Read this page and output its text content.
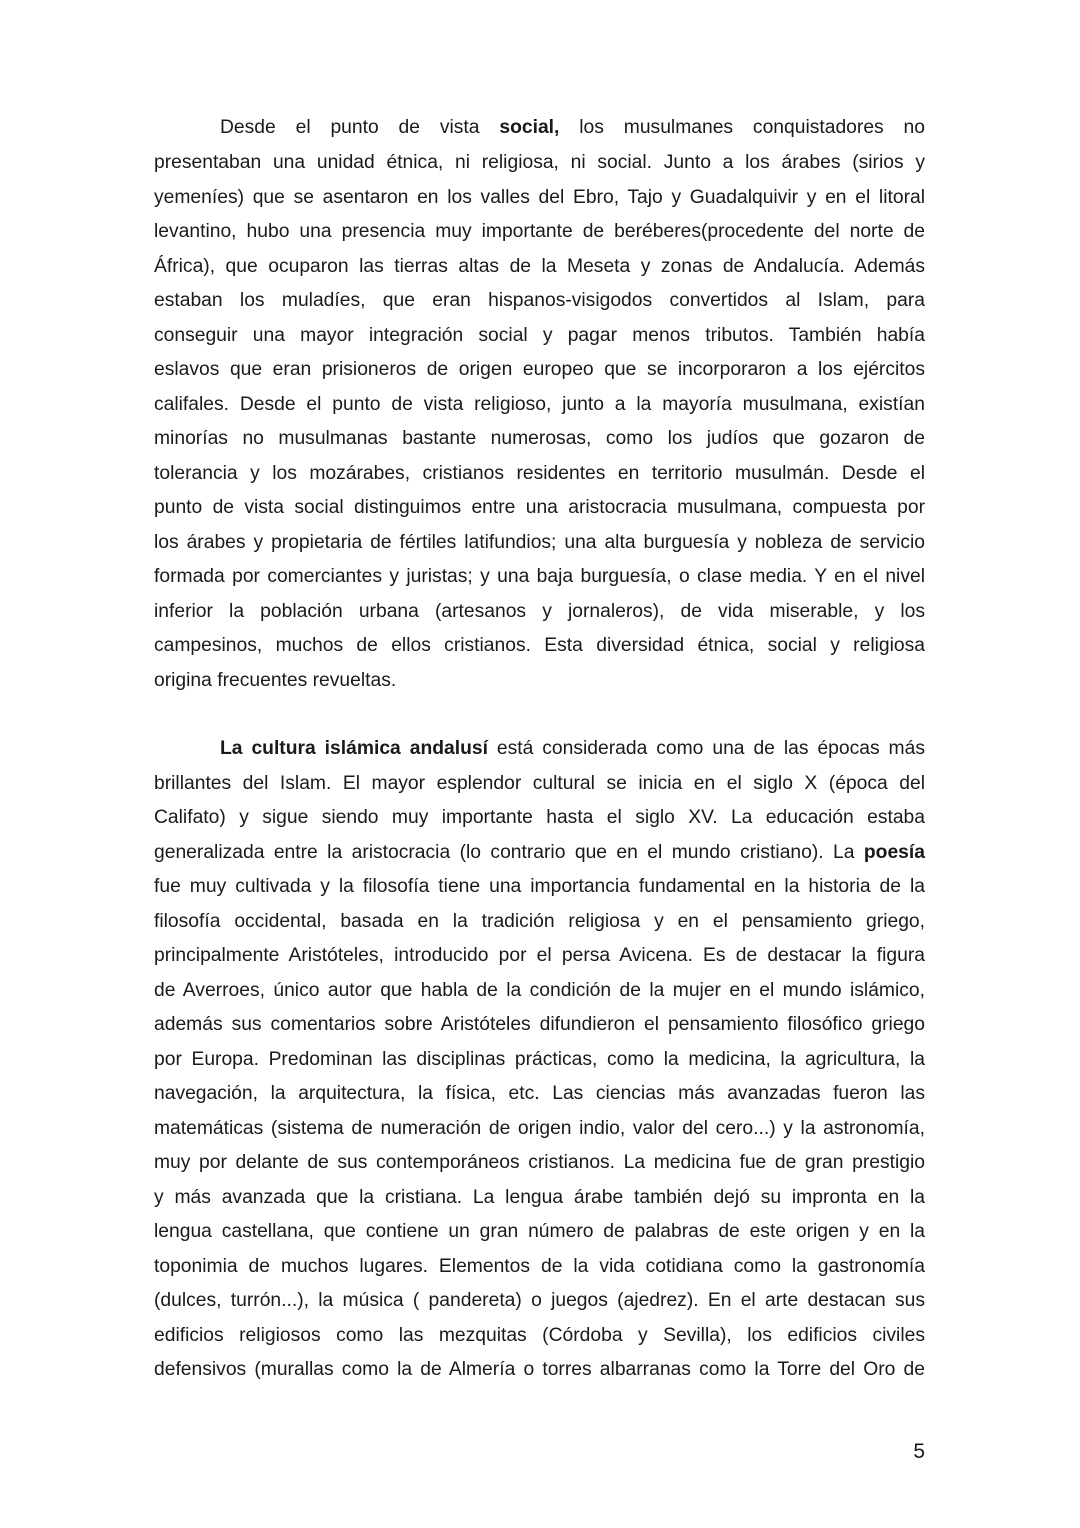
Desde el punto de vista social, los musulmanes conquistadores no
presentaban una unidad étnica, ni religiosa, ni social. Junto a los árabes (sirios y
yemeníes) que se asentaron en los valles del Ebro, Tajo y Guadalquivir y en el litoral
levantino, hubo una presencia muy importante de beréberes(procedente del norte de
África), que ocuparon las tierras altas de la Meseta y zonas de Andalucía. Además
estaban los muladíes, que eran hispanos-visigodos convertidos al Islam, para
conseguir una mayor integración social y pagar menos tributos. También había
eslavos que eran prisioneros de origen europeo que se incorporaron a los ejércitos
califales. Desde el punto de vista religioso, junto a la mayoría musulmana, existían
minorías no musulmanas bastante numerosas, como los judíos que gozaron de
tolerancia y los mozárabes, cristianos residentes en territorio musulmán. Desde el
punto de vista social distinguimos entre una aristocracia musulmana, compuesta por
los árabes y propietaria de fértiles latifundios; una alta burguesía y nobleza de servicio
formada por comerciantes y juristas; y una baja burguesía, o clase media. Y en el nivel
inferior la población urbana (artesanos y jornaleros), de vida miserable, y los
campesinos, muchos de ellos cristianos. Esta diversidad étnica, social y religiosa
origina frecuentes revueltas.
La cultura islámica andalusí está considerada como una de las épocas más
brillantes del Islam. El mayor esplendor cultural se inicia en el siglo X (época del
Califato) y sigue siendo muy importante hasta el siglo XV. La educación estaba
generalizada entre la aristocracia (lo contrario que en el mundo cristiano). La poesía
fue muy cultivada y la filosofía tiene una importancia fundamental en la historia de la
filosofía occidental, basada en la tradición religiosa y en el pensamiento griego,
principalmente Aristóteles, introducido por el persa Avicena. Es de destacar la figura
de Averroes, único autor que habla de la condición de la mujer en el mundo islámico,
además sus comentarios sobre Aristóteles difundieron el pensamiento filosófico griego
por Europa. Predominan las disciplinas prácticas, como la medicina, la agricultura, la
navegación, la arquitectura, la física, etc. Las ciencias más avanzadas fueron las
matemáticas (sistema de numeración de origen indio, valor del cero...) y la astronomía,
muy por delante de sus contemporáneos cristianos. La medicina fue de gran prestigio
y más avanzada que la cristiana. La lengua árabe también dejó su impronta en la
lengua castellana, que contiene un gran número de palabras de este origen y en la
toponimia de muchos lugares. Elementos de la vida cotidiana como la gastronomía
(dulces, turrón...), la música ( pandereta) o juegos (ajedrez). En el arte destacan sus
edificios religiosos como las mezquitas (Córdoba y Sevilla), los edificios civiles
defensivos (murallas como la de Almería o torres albarranas como la Torre del Oro de
5
